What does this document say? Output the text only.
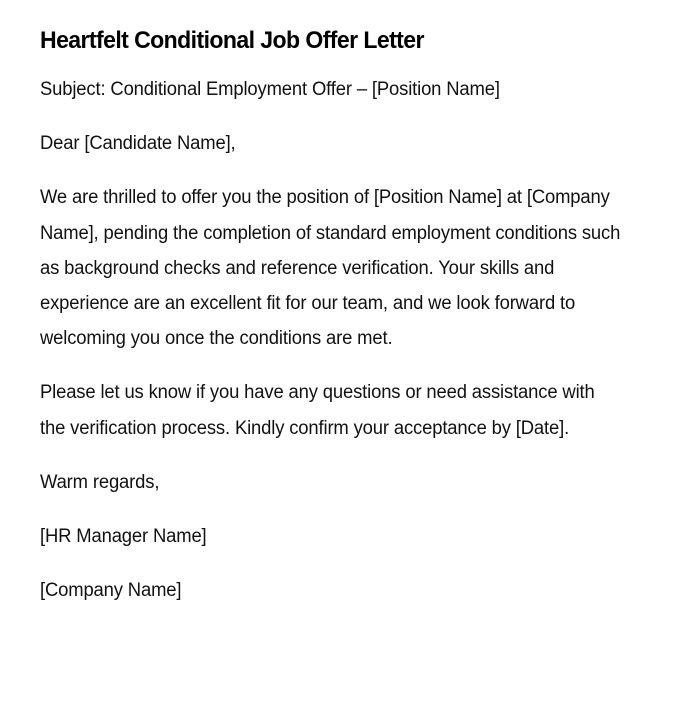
Heartfelt Conditional Job Offer Letter

Subject: Conditional Employment Offer – [Position Name]

Dear [Candidate Name],

We are thrilled to offer you the position of [Position Name] at [Company Name], pending the completion of standard employment conditions such as background checks and reference verification. Your skills and experience are an excellent fit for our team, and we look forward to welcoming you once the conditions are met.

Please let us know if you have any questions or need assistance with the verification process. Kindly confirm your acceptance by [Date].

Warm regards,

[HR Manager Name]

[Company Name]
